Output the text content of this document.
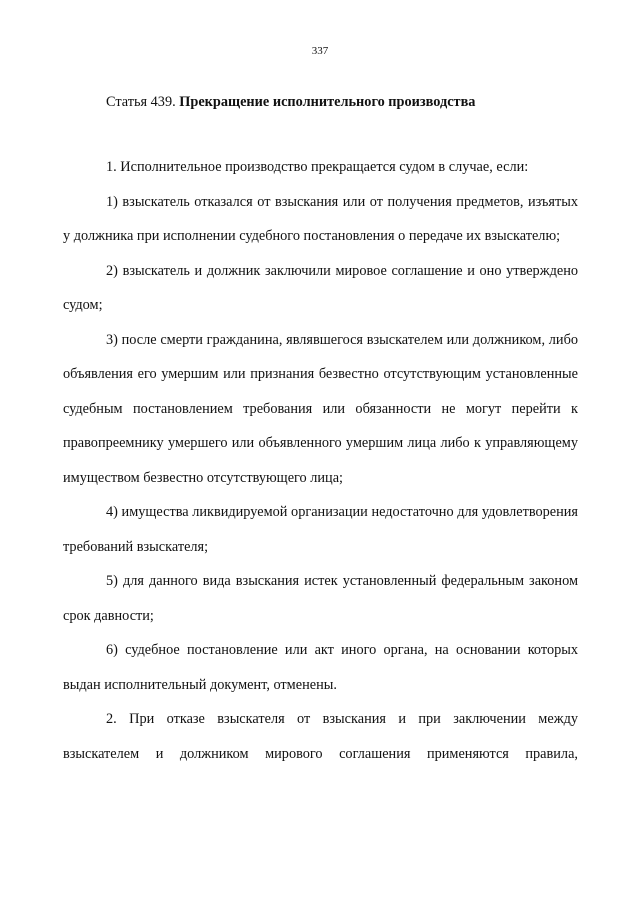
337
Статья 439. Прекращение исполнительного производства

1. Исполнительное производство прекращается судом в случае, если:

1) взыскатель отказался от взыскания или от получения предметов, изъятых у должника при исполнении судебного постановления о передаче их взыскателю;

2) взыскатель и должник заключили мировое соглашение и оно утверждено судом;

3) после смерти гражданина, являвшегося взыскателем или должником, либо объявления его умершим или признания безвестно отсутствующим установленные судебным постановлением требования или обязанности не могут перейти к правопреемнику умершего или объявленного умершим лица либо к управляющему имуществом безвестно отсутствующего лица;

4) имущества ликвидируемой организации недостаточно для удовлетворения требований взыскателя;

5) для данного вида взыскания истек установленный федеральным законом срок давности;

6) судебное постановление или акт иного органа, на основании которых выдан исполнительный документ, отменены.

2. При отказе взыскателя от взыскания и при заключении между взыскателем и должником мирового соглашения применяются правила,
